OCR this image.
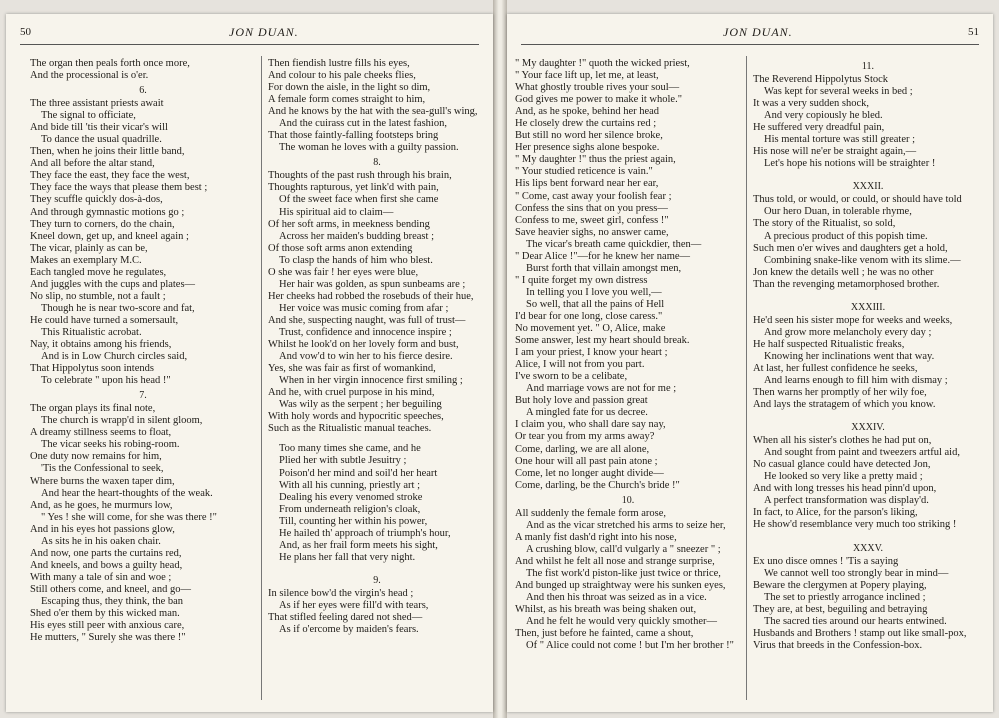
50	JON DUAN.
The organ then peals forth once more,
And the processional is o'er.
6.
The three assistant priests await
The signal to officiate,
And bide till 'tis their vicar's will
To dance the usual quadrille.
Then, when he joins their little band,
And all before the altar stand,
They face the east, they face the west,
They face the ways that please them best ;
They scuffle quickly dos-à-dos,
And through gymnastic motions go ;
They turn to corners, do the chain,
Kneel down, get up, and kneel again ;
The vicar, plainly as can be,
Makes an exemplary M.C.
Each tangled move he regulates,
And juggles with the cups and plates—
No slip, no stumble, not a fault ;
Though he is near two-score and fat,
He could have turned a somersault,
This Ritualistic acrobat.
Nay, it obtains among his friends,
And is in Low Church circles said,
That Hippolytus soon intends
To celebrate " upon his head !"
7.
The organ plays its final note,
The church is wrapp'd in silent gloom,
A dreamy stillness seems to float,
The vicar seeks his robing-room.
One duty now remains for him,
'Tis the Confessional to seek,
Where burns the waxen taper dim,
And hear the heart-thoughts of the weak.
And, as he goes, he murmurs low,
" Yes ! she will come, for she was there !"
And in his eyes hot passions glow,
As sits he in his oaken chair.
And now, one parts the curtains red,
And kneels, and bows a guilty head,
With many a tale of sin and woe ;
Still others come, and kneel, and go—
Escaping thus, they think, the ban
Shed o'er them by this wicked man.
His eyes still peer with anxious care,
He mutters, " Surely she was there !"
Then fiendish lustre fills his eyes,
And colour to his pale cheeks flies,
For down the aisle, in the light so dim,
A female form comes straight to him,
And he knows by the hat with the sea-gull's wing,
And the cuirass cut in the latest fashion,
That those faintly-falling footsteps bring
The woman he loves with a guilty passion.
8.
Thoughts of the past rush through his brain,
Thoughts rapturous, yet link'd with pain,
Of the sweet face when first she came
His spiritual aid to claim—
Of her soft arms, in meekness bending
Across her maiden's budding breast ;
Of those soft arms anon extending
To clasp the hands of him who blest.
O she was fair ! her eyes were blue,
Her hair was golden, as spun sunbeams are ;
Her cheeks had robbed the rosebuds of their hue,
Her voice was music coming from afar ;
And she, suspecting naught, was full of trust—
Trust, confidence and innocence inspire ;
Whilst he look'd on her lovely form and bust,
And vow'd to win her to his fierce desire.
Yes, she was fair as first of womankind,
When in her virgin innocence first smiling ;
And he, with cruel purpose in his mind,
Was wily as the serpent ; her beguiling
With holy words and hypocritic speeches,
Such as the Ritualistic manual teaches.
Too many times she came, and he
Plied her with subtle Jesuitry ;
Poison'd her mind and soil'd her heart
With all his cunning, priestly art ;
Dealing his every venomed stroke
From underneath religion's cloak,
Till, counting her within his power,
He hailed th' approach of triumph's hour,
And, as her frail form meets his sight,
He plans her fall that very night.
9.
In silence bow'd the virgin's head ;
As if her eyes were fill'd with tears,
That stifled feeling dared not shed—
As if o'ercome by maiden's fears.
JON DUAN.	51
" My daughter !" quoth the wicked priest,
" Your face lift up, let me, at least,
What ghostly trouble rives your soul—
God gives me power to make it whole."
And, as he spoke, behind her head
He closely drew the curtains red ;
But still no word her silence broke,
Her presence sighs alone bespoke.
" My daughter !" thus the priest again,
" Your studied reticence is vain."
His lips bent forward near her ear,
" Come, cast away your foolish fear ;
Confess the sins that on you press—
Confess to me, sweet girl, confess !"
Save heavier sighs, no answer came,
The vicar's breath came quickdier, then—
" Dear Alice !"—for he knew her name—
Burst forth that villain amongst men,
" I quite forget my own distress
In telling you I love you well,—
So well, that all the pains of Hell
I'd bear for one long, close caress."
No movement yet. " O, Alice, make
Some answer, lest my heart should break.
I am your priest, I know your heart ;
Alice, I will not from you part.
I've sworn to be a celibate,
And marriage vows are not for me ;
But holy love and passion great
A mingled fate for us decree.
I claim you, who shall dare say nay,
Or tear you from my arms away?
Come, darling, we are all alone,
One hour will all past pain atone ;
Come, let no longer aught divide—
Come, darling, be the Church's bride !"
10.
All suddenly the female form arose,
And as the vicar stretched his arms to seize her,
A manly fist dash'd right into his nose,
A crushing blow, call'd vulgarly a " sneezer " ;
And whilst he felt all nose and strange surprise,
The fist work'd piston-like just twice or thrice,
And bunged up straightway were his sunken eyes,
And then his throat was seized as in a vice.
Whilst, as his breath was being shaken out,
And he felt he would very quickly smother—
Then, just before he fainted, came a shout,
Of " Alice could not come ! but I'm her brother !"
11.
The Reverend Hippolytus Stock
Was kept for several weeks in bed ;
It was a very sudden shock,
And very copiously he bled.
He suffered very dreadful pain,
His mental torture was still greater ;
His nose will ne'er be straight again,—
Let's hope his notions will be straighter !
XXXII.
Thus told, or would, or could, or should have told
Our hero Duan, in tolerable rhyme,
The story of the Ritualist, so sold,
A precious product of this popish time.
Such men o'er wives and daughters get a hold,
Combining snake-like venom with its slime.—
Jon knew the details well ; he was no other
Than the revenging metamorphosed brother.
XXXIII.
He'd seen his sister mope for weeks and weeks,
And grow more melancholy every day ;
He half suspected Ritualistic freaks,
Knowing her inclinations went that way.
At last, her fullest confidence he seeks,
And learns enough to fill him with dismay ;
Then warns her promptly of her wily foe,
And lays the stratagem of which you know.
XXXIV.
When all his sister's clothes he had put on,
And sought from paint and tweezers artful aid,
No casual glance could have detected Jon,
He looked so very like a pretty maid ;
And with long tresses his head pinn'd upon,
A perfect transformation was display'd.
In fact, to Alice, for the parson's liking,
He show'd resemblance very much too striking !
XXXV.
Ex uno disce omnes ! 'Tis a saying
We cannot well too strongly bear in mind—
Beware the clergymen at Popery playing,
The set to priestly arrogance inclined ;
They are, at best, beguiling and betraying
The sacred ties around our hearts entwined.
Husbands and Brothers ! stamp out like small-pox,
Virus that breeds in the Confession-box.
